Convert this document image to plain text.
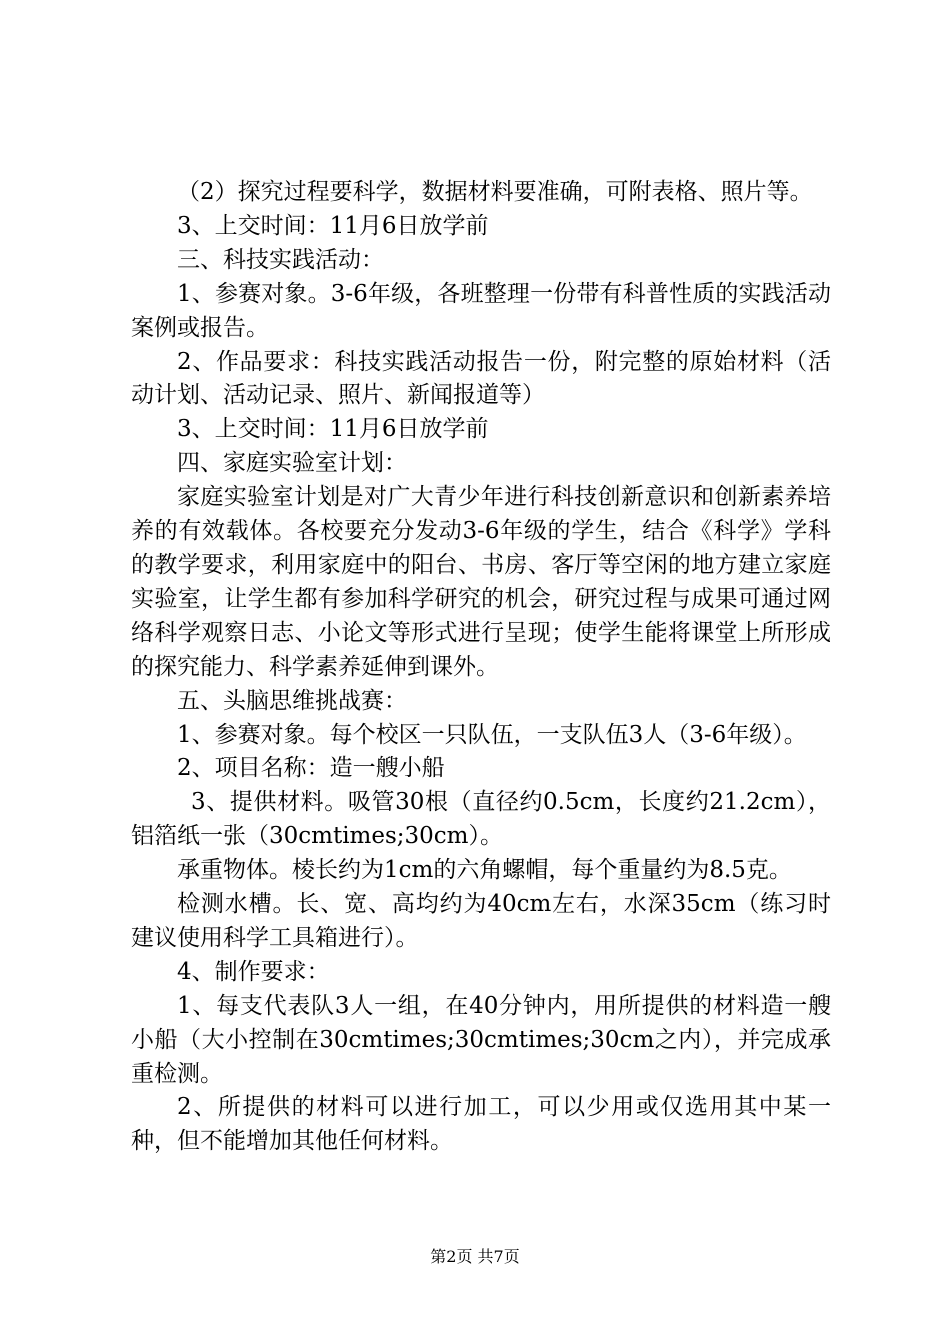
（2）探究过程要科学，数据材料要准确，可附表格、照片等。

3、上交时间：11月6日放学前

三、科技实践活动：

1、参赛对象。3-6年级，各班整理一份带有科普性质的实践活动案例或报告。

2、作品要求：科技实践活动报告一份，附完整的原始材料（活动计划、活动记录、照片、新闻报道等）

3、上交时间：11月6日放学前

四、家庭实验室计划：

家庭实验室计划是对广大青少年进行科技创新意识和创新素养培养的有效载体。各校要充分发动3-6年级的学生，结合《科学》学科的教学要求，利用家庭中的阳台、书房、客厅等空闲的地方建立家庭实验室，让学生都有参加科学研究的机会，研究过程与成果可通过网络科学观察日志、小论文等形式进行呈现；使学生能将课堂上所形成的探究能力、科学素养延伸到课外。

五、头脑思维挑战赛：

1、参赛对象。每个校区一只队伍，一支队伍3人（3-6年级）。

2、项目名称：造一艘小船

3、提供材料。吸管30根（直径约0.5cm，长度约21.2cm），铝箔纸一张（30cmtimes;30cm）。

承重物体。棱长约为1cm的六角螺帽，每个重量约为8.5克。

检测水槽。长、宽、高均约为40cm左右，水深35cm（练习时建议使用科学工具箱进行）。

4、制作要求：

1、每支代表队3人一组，在40分钟内，用所提供的材料造一艘小船（大小控制在30cmtimes;30cmtimes;30cm之内），并完成承重检测。

2、所提供的材料可以进行加工，可以少用或仅选用其中某一种，但不能增加其他任何材料。

第2页 共7页
